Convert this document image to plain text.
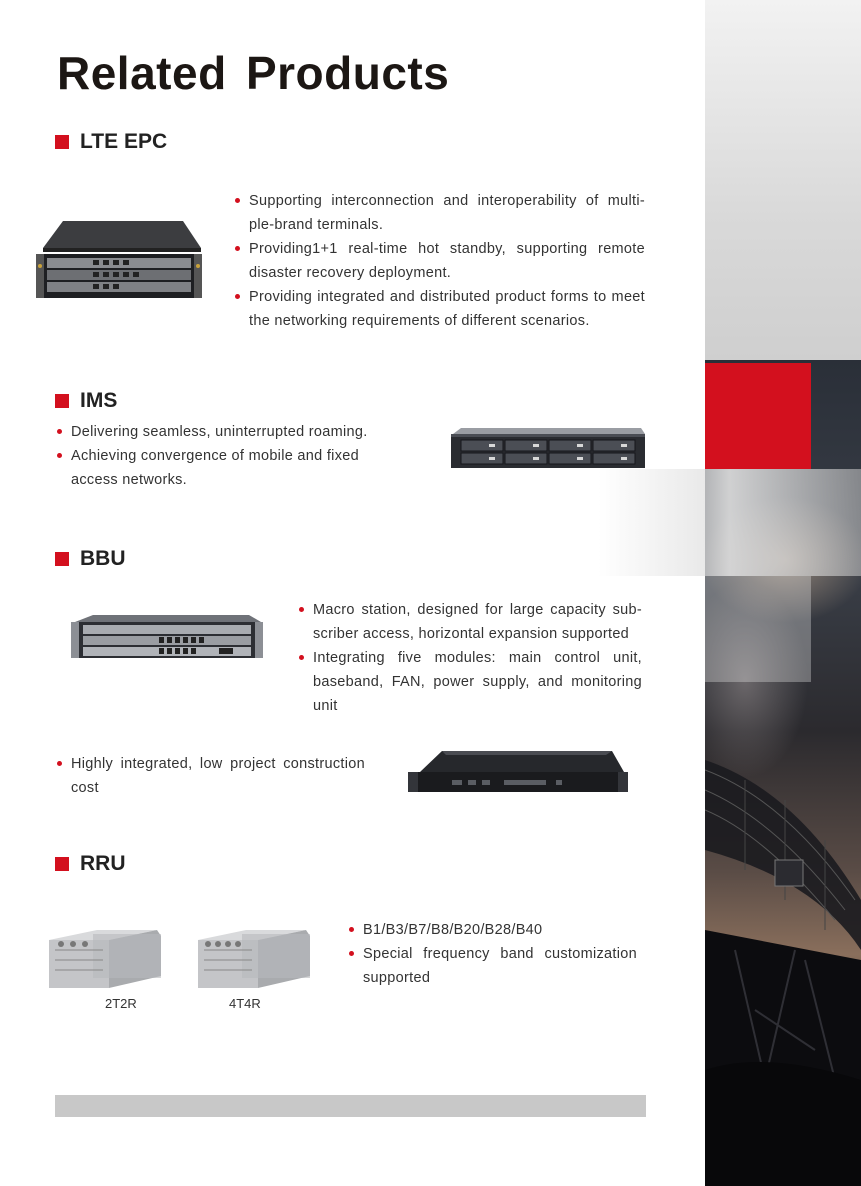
Related Products
LTE EPC
Supporting interconnection and interoperability of multi-ple-brand terminals.
Providing1+1 real-time hot standby, supporting remote disaster recovery deployment.
Providing integrated and distributed product forms to meet the networking requirements of different scenarios.
IMS
Delivering seamless, uninterrupted roaming.
Achieving convergence of mobile and fixed access networks.
BBU
Macro station, designed for large capacity sub-scriber access, horizontal expansion supported
Integrating five modules: main control unit, baseband, FAN, power supply, and monitoring unit
Highly integrated, low project construction cost
RRU
2T2R	4T4R
B1/B3/B7/B8/B20/B28/B40
Special frequency band customization supported
